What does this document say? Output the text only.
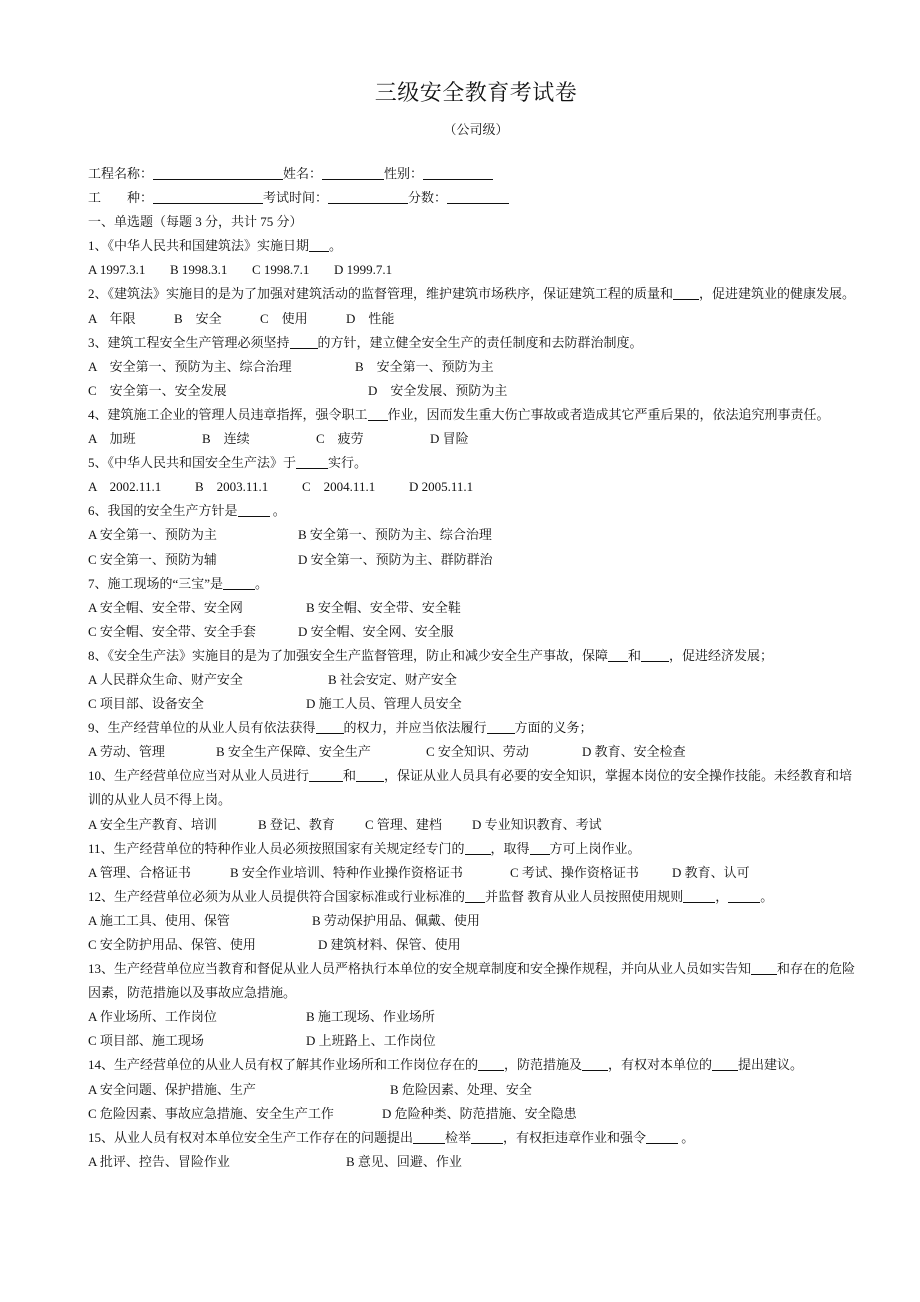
三级安全教育考试卷
（公司级）
工程名称：	姓名：	性别：
工　　种：	考试时间：	分数：
一、单选题（每题 3 分，共计 75 分）
1、《中华人民共和国建筑法》实施日期 。
A 1997.3.1 B 1998.3.1 C 1998.7.1 D 1999.7.1
2、《建筑法》实施目的是为了加强对建筑活动的监督管理，维护建筑市场秩序，保证建筑工程的质量和 ，促进建筑业的健康发展。
A　年限	B　安全	C　使用	D　性能
3、建筑工程安全生产管理必须坚持 的方针，建立健全安全生产的责任制度和去防群治制度。
A　安全第一、预防为主、综合治理	B　安全第一、预防为主
C　安全第一、安全发展	D　安全发展、预防为主
4、建筑施工企业的管理人员违章指挥，强令职工 作业，因而发生重大伤亡事故或者造成其它严重后果的，依法追究刑事责任。
A　加班	B　连续	C　疲劳	D 冒险
5、《中华人民共和国安全生产法》于 实行。
A　2002.11.1	B　2003.11.1	C　2004.11.1	D 2005.11.1
6、我国的安全生产方针是 。
A 安全第一、预防为主	B 安全第一、预防为主、综合治理
C 安全第一、预防为辅	D 安全第一、预防为主、群防群治
7、施工现场的“三宝”是 。
A 安全帽、安全带、安全网	B 安全帽、安全带、安全鞋
C 安全帽、安全带、安全手套	D 安全帽、安全网、安全服
8、《安全生产法》实施目的是为了加强安全生产监督管理，防止和减少安全生产事故，保障 和 ，促进经济发展；
A 人民群众生命、财产安全	B 社会安定、财产安全
C 项目部、设备安全	D 施工人员、管理人员安全
9、生产经营单位的从业人员有依法获得 的权力，并应当依法履行 方面的义务；
A 劳动、管理	B 安全生产保障、安全生产	C 安全知识、劳动	D 教育、安全检查
10、生产经营单位应当对从业人员进行	和 ，保证从业人员具有必要的安全知识，掌握本岗位的安全操作技能。未经教育和培训的从业人员不得上岗。
A 安全生产教育、培训	B 登记、教育 C 管理、建档 D 专业知识教育、考试
11、生产经营单位的特种作业人员必须按照国家有关规定经专门的 ，取得 方可上岗作业。
A 管理、合格证书	B 安全作业培训、特种作业操作资格证书	C 考试、操作资格证书	D 教育、认可
12、生产经营单位必须为从业人员提供符合国家标准或行业标准的 并监督 教育从业人员按照使用规则 ， 。
A 施工工具、使用、保管	B 劳动保护用品、佩戴、使用
C 安全防护用品、保管、使用	D 建筑材料、保管、使用
13、生产经营单位应当教育和督促从业人员严格执行本单位的安全规章制度和安全操作规程，并向从业人员如实告知 和存在的危险因素，防范措施以及事故应急措施。
A 作业场所、工作岗位	B 施工现场、作业场所
C 项目部、施工现场	D 上班路上、工作岗位
14、生产经营单位的从业人员有权了解其作业场所和工作岗位存在的 ，防范措施及 ，有权对本单位的 提出建议。
A 安全问题、保护措施、生产	B 危险因素、处理、安全
C 危险因素、事故应急措施、安全生产工作	D 危险种类、防范措施、安全隐患
15、从业人员有权对本单位安全生产工作存在的问题提出 检举 ，有权拒违章作业和强令 。
A 批评、控告、冒险作业	B 意见、回避、作业
